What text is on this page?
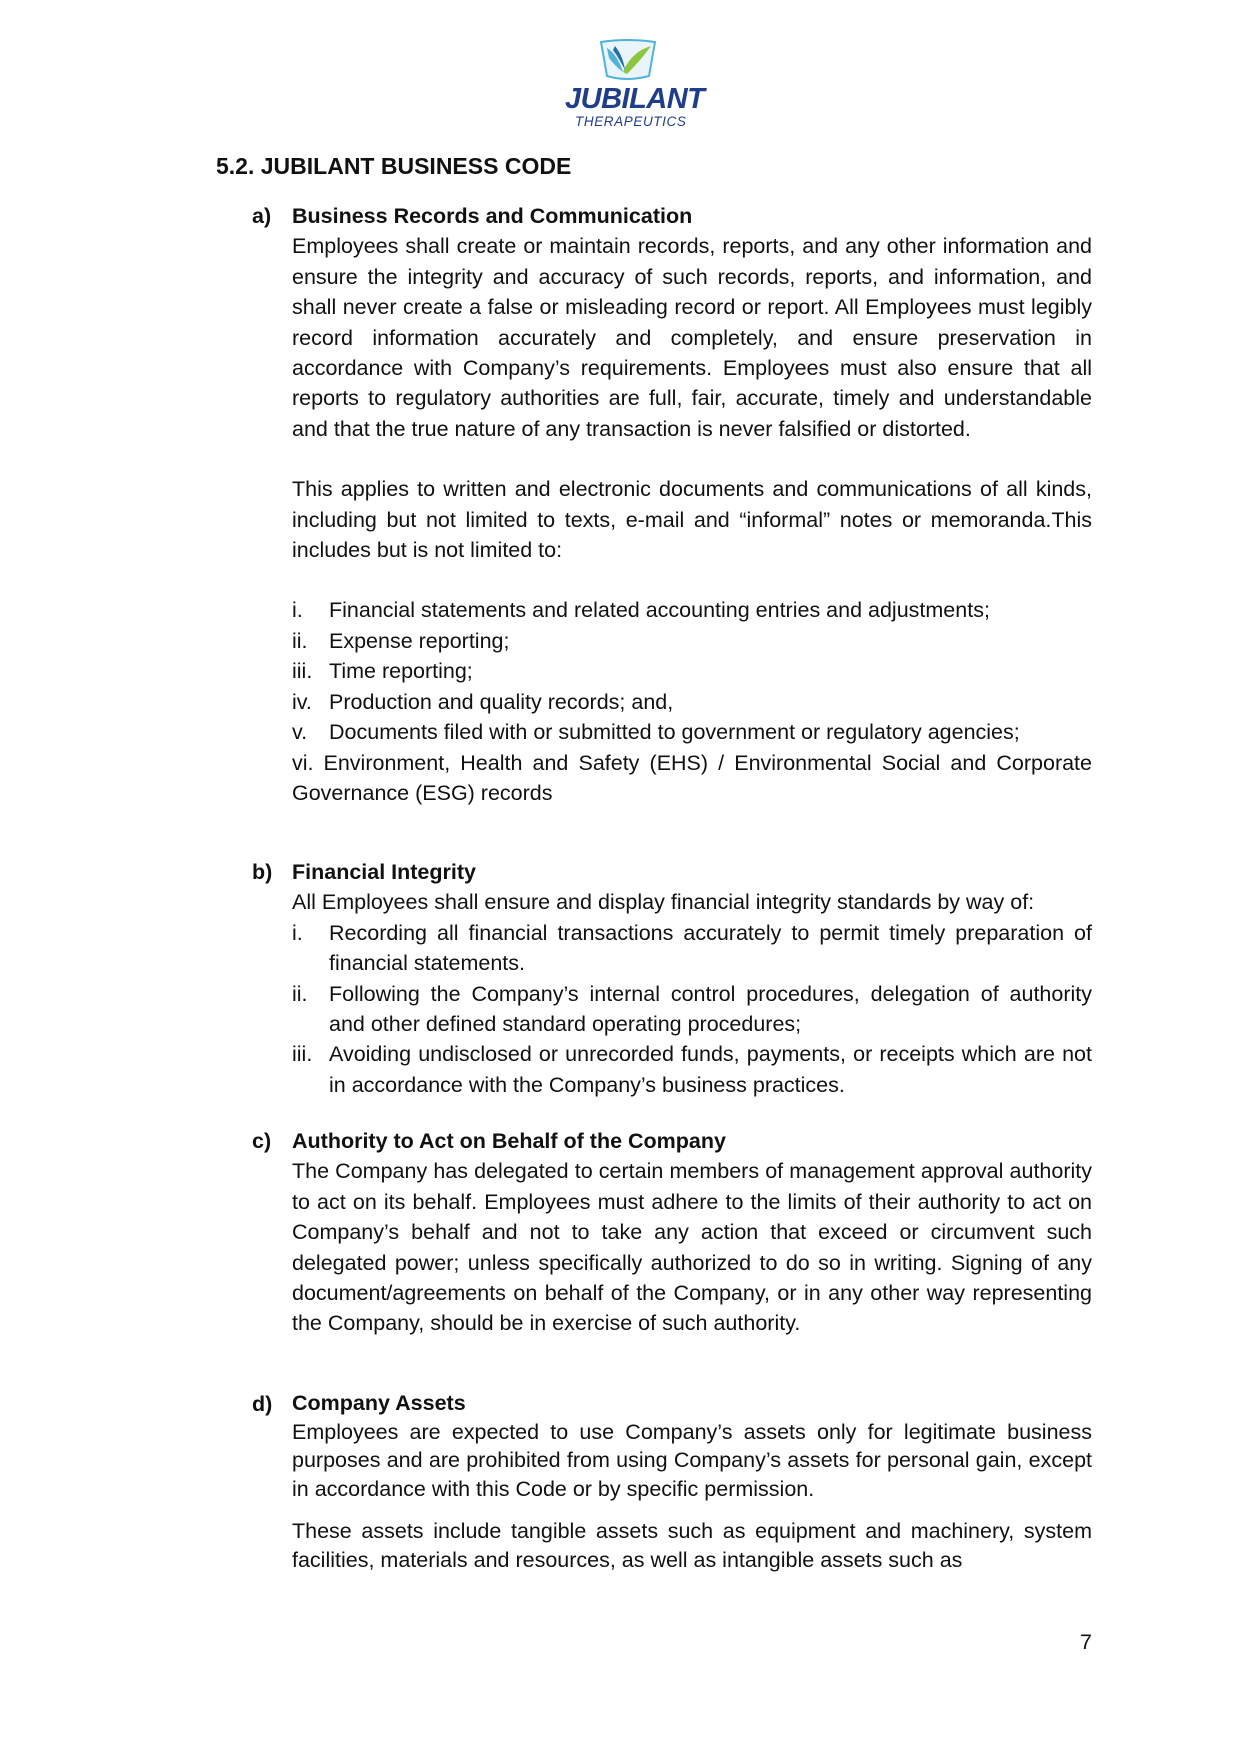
JUBILANT
THERAPEUTICS
5.2. JUBILANT BUSINESS CODE
a) Business Records and Communication

Employees shall create or maintain records, reports, and any other information and ensure the integrity and accuracy of such records, reports, and information, and shall never create a false or misleading record or report. All Employees must legibly record information accurately and completely, and ensure preservation in accordance with Company’s requirements. Employees must also ensure that all reports to regulatory authorities are full, fair, accurate, timely and understandable and that the true nature of any transaction is never falsified or distorted.

This applies to written and electronic documents and communications of all kinds, including but not limited to texts, e-mail and “informal” notes or memoranda.This includes but is not limited to:

i. Financial statements and related accounting entries and adjustments;
ii. Expense reporting;
iii. Time reporting;
iv. Production and quality records; and,
v. Documents filed with or submitted to government or regulatory agencies;
vi. Environment, Health and Safety (EHS) / Environmental Social and Corporate Governance (ESG) records
b) Financial Integrity

All Employees shall ensure and display financial integrity standards by way of:

i. Recording all financial transactions accurately to permit timely preparation of financial statements.
ii. Following the Company’s internal control procedures, delegation of authority and other defined standard operating procedures;
iii. Avoiding undisclosed or unrecorded funds, payments, or receipts which are not in accordance with the Company’s business practices.
c) Authority to Act on Behalf of the Company

The Company has delegated to certain members of management approval authority to act on its behalf. Employees must adhere to the limits of their authority to act on Company’s behalf and not to take any action that exceed or circumvent such delegated power; unless specifically authorized to do so in writing. Signing of any document/agreements on behalf of the Company, or in any other way representing the Company, should be in exercise of such authority.

d) Company Assets

Employees are expected to use Company’s assets only for legitimate business purposes and are prohibited from using Company’s assets for personal gain, except in accordance with this Code or by specific permission.

These assets include tangible assets such as equipment and machinery, system facilities, materials and resources, as well as intangible assets such as

7
